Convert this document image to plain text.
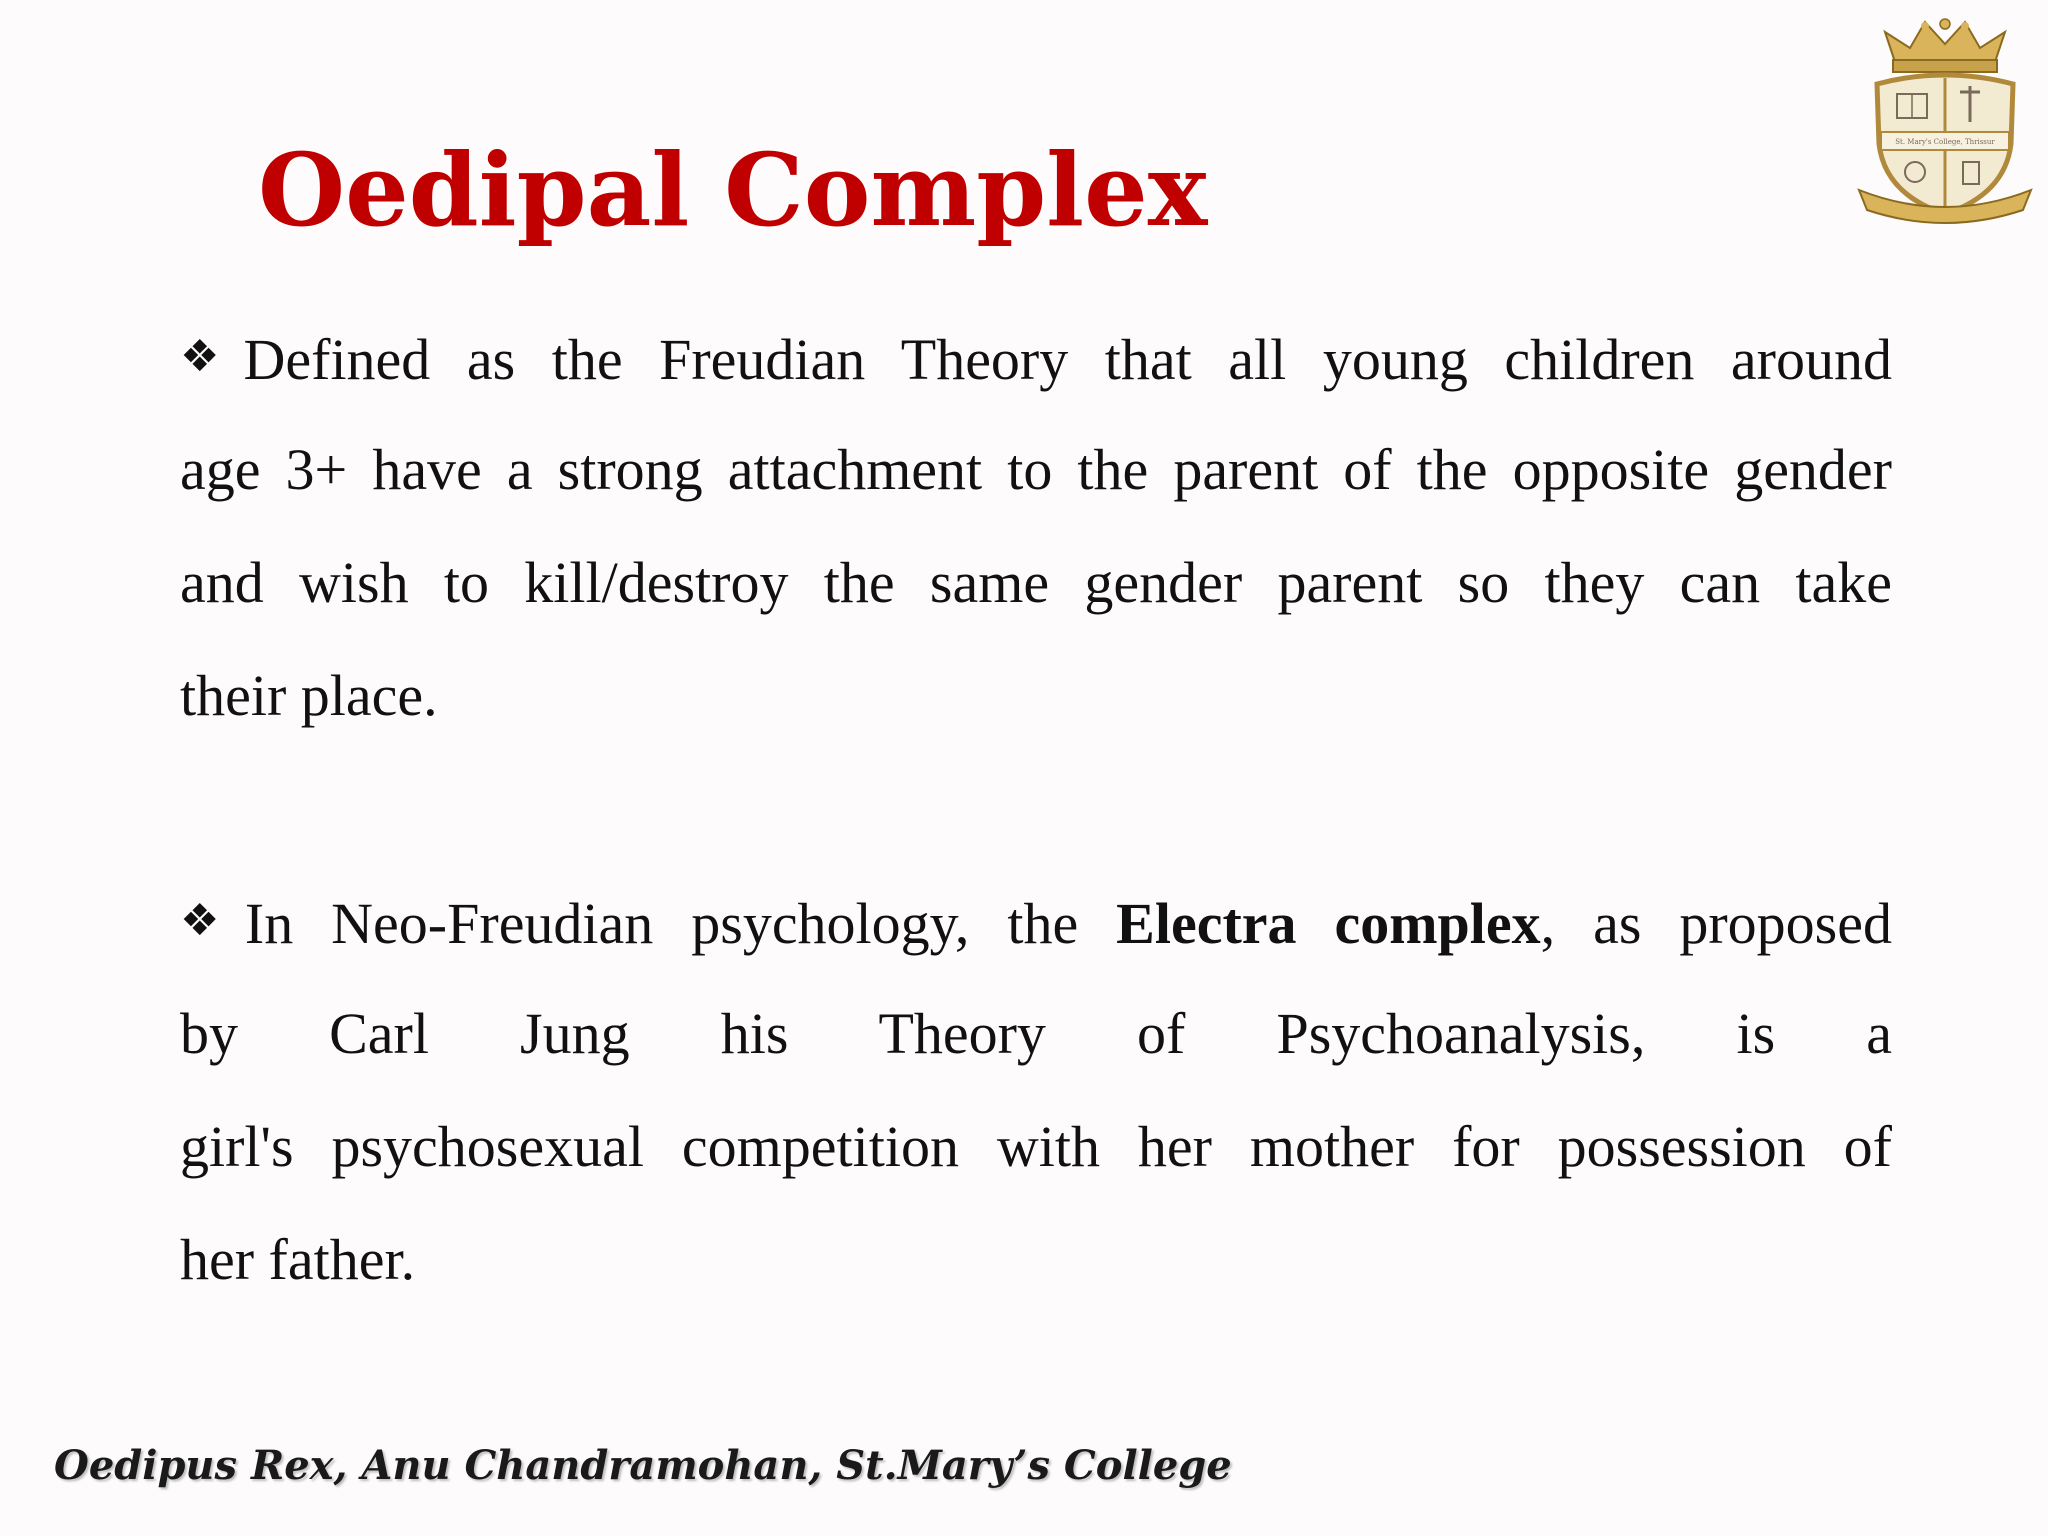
Oedipal Complex	St. Mary's College, Thrissur
❖Defined as the Freudian Theory that all young children around
age 3+ have a strong attachment to the parent of the opposite gender
and wish to kill/destroy the same gender parent so they can take
their place.
❖In Neo-Freudian psychology, the Electra complex, as proposed
by Carl Jung his Theory of Psychoanalysis, is a
girl's psychosexual competition with her mother for possession of
her father.

Oedipus Rex, Anu Chandramohan, St.Mary’s College
